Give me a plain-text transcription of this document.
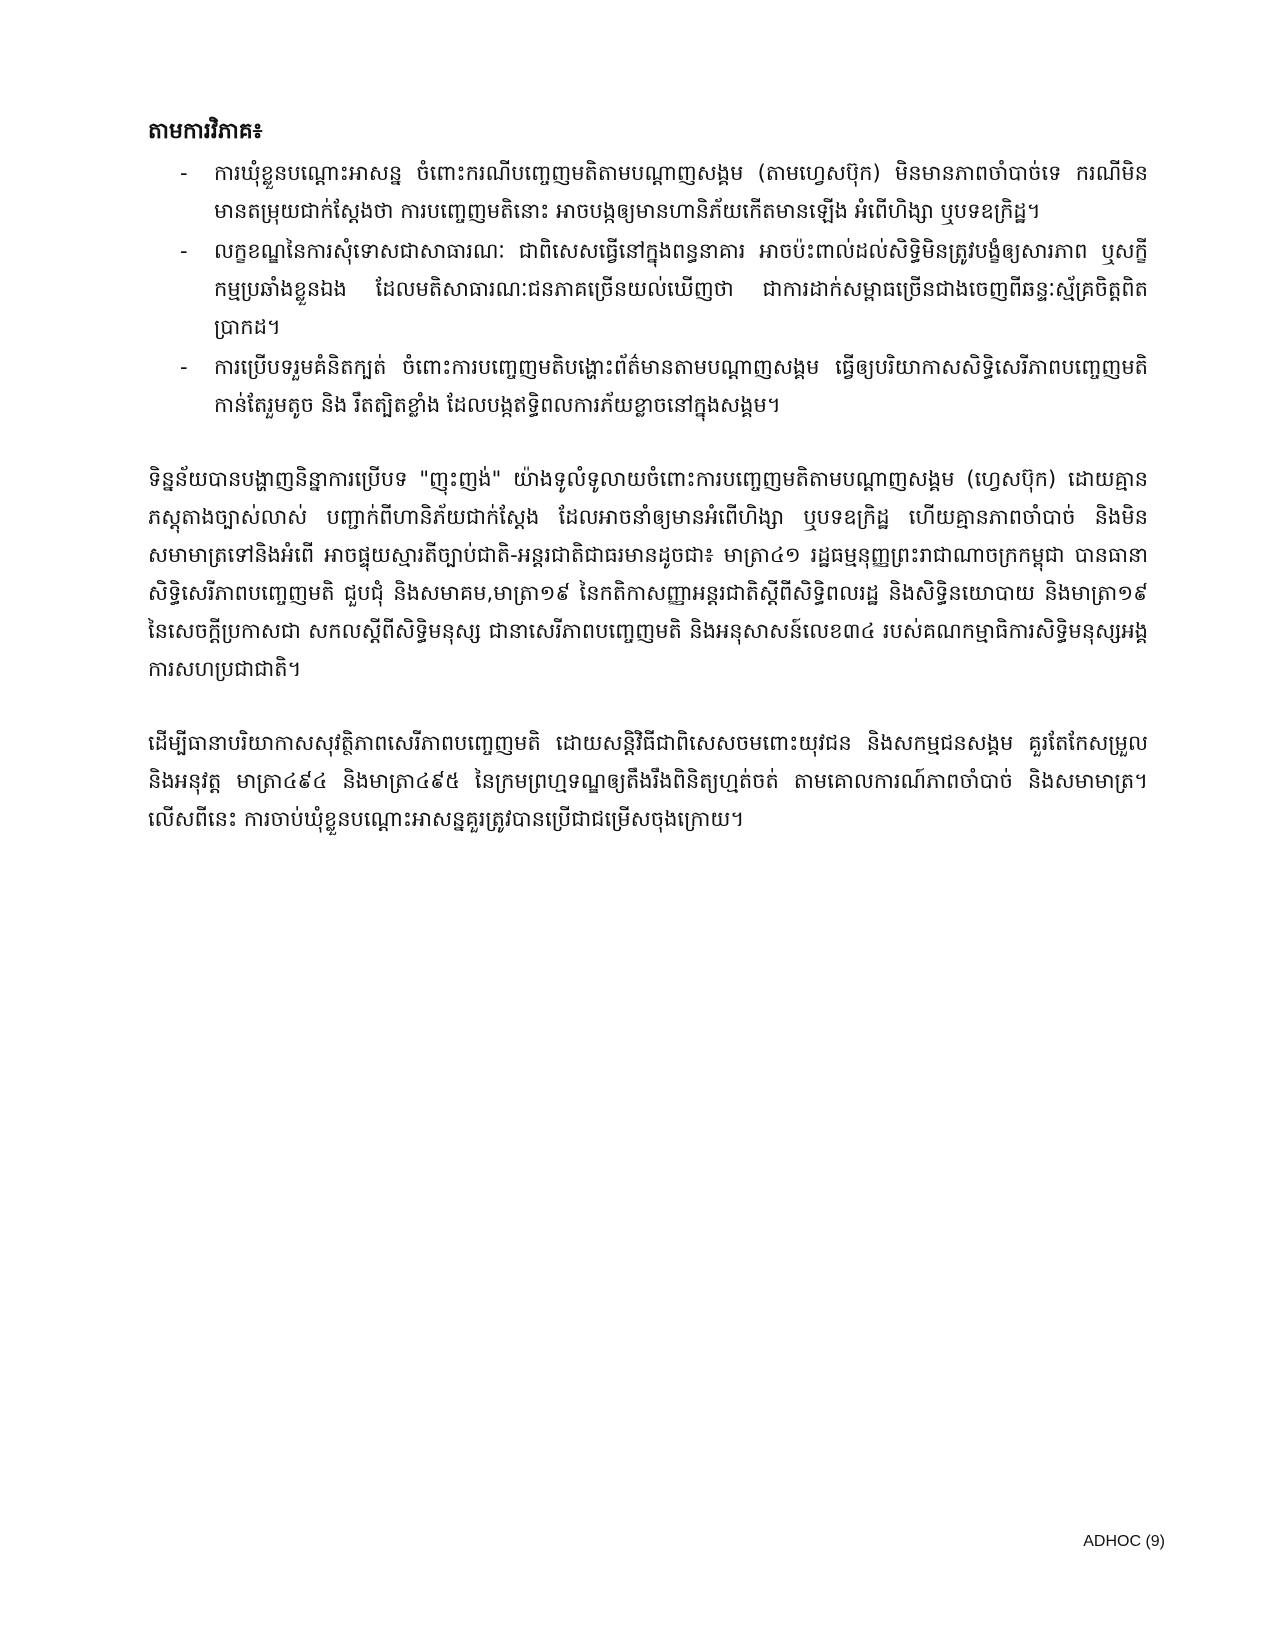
តាមការវិភាគ៖
- ការឃុំខ្លួនបណ្ដោះអាសន្ន ចំពោះករណីបញ្ចេញមតិតាមបណ្ដាញសង្គម (តាមហ្វេសប៊ុក) មិនមានភាពចាំបាច់ទេ ករណីមិនមានតម្រុយជាក់ស្ដែងថា ការបញ្ចេញមតិនោះ អាចបង្កឲ្យមានហានិភ័យកើតមានឡើង អំពើហិង្សា ឬបទឧក្រិដ្ឋ។
- លក្ខខណ្ឌនៃការសុំទោសជាសាធារណៈ ជាពិសេសធ្វើនៅក្នុងពន្ធនាគារ អាចប៉ះពាល់ដល់សិទ្ធិមិនត្រូវបង្ខំឲ្យសារភាព ឬសក្ខីកម្មប្រឆាំងខ្លួនឯង ដែលមតិសាធារណៈជនភាគច្រើនយល់ឃើញថា ជាការដាក់សម្ពាធច្រើនជាងចេញពីឆន្ទៈស្ម័គ្រចិត្តពិតប្រាកដ។
- ការប្រើបទរួមគំនិតក្បត់ ចំពោះការបញ្ចេញមតិបង្ហោះព័ត៌មានតាមបណ្ដាញសង្គម ធ្វើឲ្យបរិយាកាសសិទ្ធិសេរីភាពបញ្ចេញមតិកាន់តែរួមតូច និង រឹតត្បិតខ្លាំង ដែលបង្កឥទ្ធិពលការភ័យខ្លាចនៅក្នុងសង្គម។

ទិន្នន័យបានបង្ហាញនិន្នាការប្រើបទ "ញុះញង់" យ៉ាងទូលំទូលាយចំពោះការបញ្ចេញមតិតាមបណ្ដាញសង្គម (ហ្វេសប៊ុក) ដោយគ្មានភស្ដុតាងច្បាស់លាស់ បញ្ជាក់ពីហានិភ័យជាក់ស្ដែង ដែលអាចនាំឲ្យមានអំពើហិង្សា ឬបទឧក្រិដ្ឋ ហើយគ្មានភាពចាំបាច់ និងមិនសមាមាត្រទៅនិងអំពើ អាចផ្ទុយស្មារតីច្បាប់ជាតិ-អន្តរជាតិជាធរមានដូចជា៖ មាត្រា៤១ រដ្ឋធម្មនុញ្ញព្រះរាជាណាចក្រកម្ពុជា បានធានាសិទ្ធិសេរីភាពបញ្ចេញមតិ ជួបជុំ និងសមាគម,មាត្រា១៩ នៃកតិកាសញ្ញាអន្តរជាតិស្ដីពីសិទ្ធិពលរដ្ឋ និងសិទ្ធិនយោបាយ និងមាត្រា១៩ នៃសេចក្ដីប្រកាសជា សកលស្ដីពីសិទ្ធិមនុស្ស ជានាសេរីភាពបញ្ចេញមតិ និងអនុសាសន៍លេខ៣៤ របស់គណកម្មាធិការសិទ្ធិមនុស្សអង្គការសហប្រជាជាតិ។

ដើម្បីធានាបរិយាកាសសុវត្ថិភាពសេរីភាពបញ្ចេញមតិ ដោយសន្តិវិធីជាពិសេសចមពោះយុវជន និងសកម្មជនសង្គម គួរតែកែសម្រួល និងអនុវត្ត មាត្រា៤៩៤ និងមាត្រា៤៩៥ នៃក្រមព្រហ្មទណ្ឌឲ្យតឹងរឹងពិនិត្យហ្មត់ចត់ តាមគោលការណ៍ភាពចាំបាច់ និងសមាមាត្រ។ លើសពីនេះ ការចាប់ឃុំខ្លួនបណ្ដោះអាសន្នគួរត្រូវបានប្រើជាជម្រើសចុងក្រោយ។

ADHOC (9)
